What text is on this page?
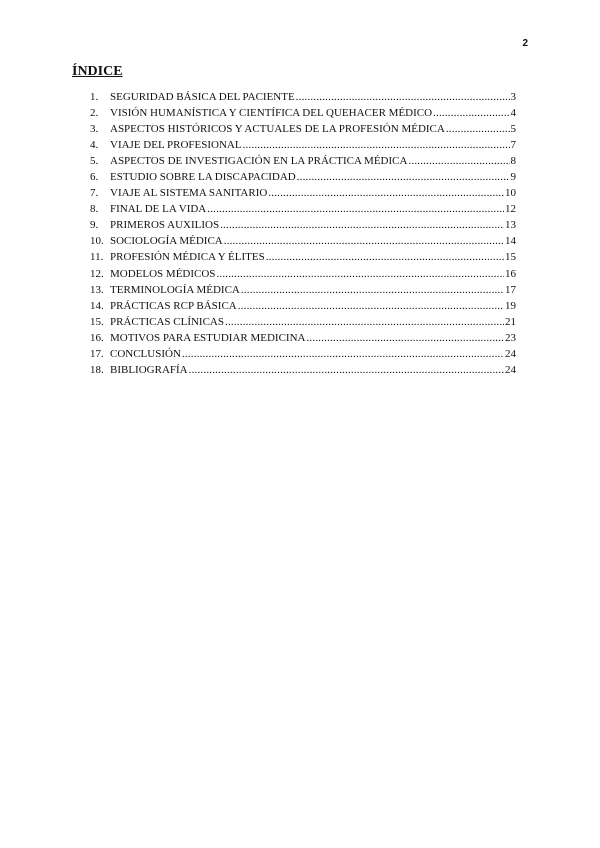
2
ÍNDICE
1.	SEGURIDAD BÁSICA DEL PACIENTE .....	3
2.	VISIÓN HUMANÍSTICA Y CIENTÍFICA DEL QUEHACER MÉDICO .....	4
3.	ASPECTOS HISTÓRICOS Y ACTUALES DE LA PROFESIÓN MÉDICA .....	5
4.	VIAJE DEL PROFESIONAL .....	7
5.	ASPECTOS DE INVESTIGACIÓN EN LA PRÁCTICA MÉDICA .....	8
6.	ESTUDIO SOBRE LA DISCAPACIDAD .....	9
7.	VIAJE AL SISTEMA SANITARIO .....	10
8.	FINAL DE LA VIDA .....	12
9.	PRIMEROS AUXILIOS .....	13
10. SOCIOLOGÍA MÉDICA .....	14
11. PROFESIÓN MÉDICA Y ÉLITES .....	15
12. MODELOS MÉDICOS .....	16
13. TERMINOLOGÍA MÉDICA .....	17
14. PRÁCTICAS RCP BÁSICA .....	19
15. PRÁCTICAS CLÍNICAS .....	21
16. MOTIVOS PARA ESTUDIAR MEDICINA .....	23
17. CONCLUSIÓN .....	24
18. BIBLIOGRAFÍA .....	24
